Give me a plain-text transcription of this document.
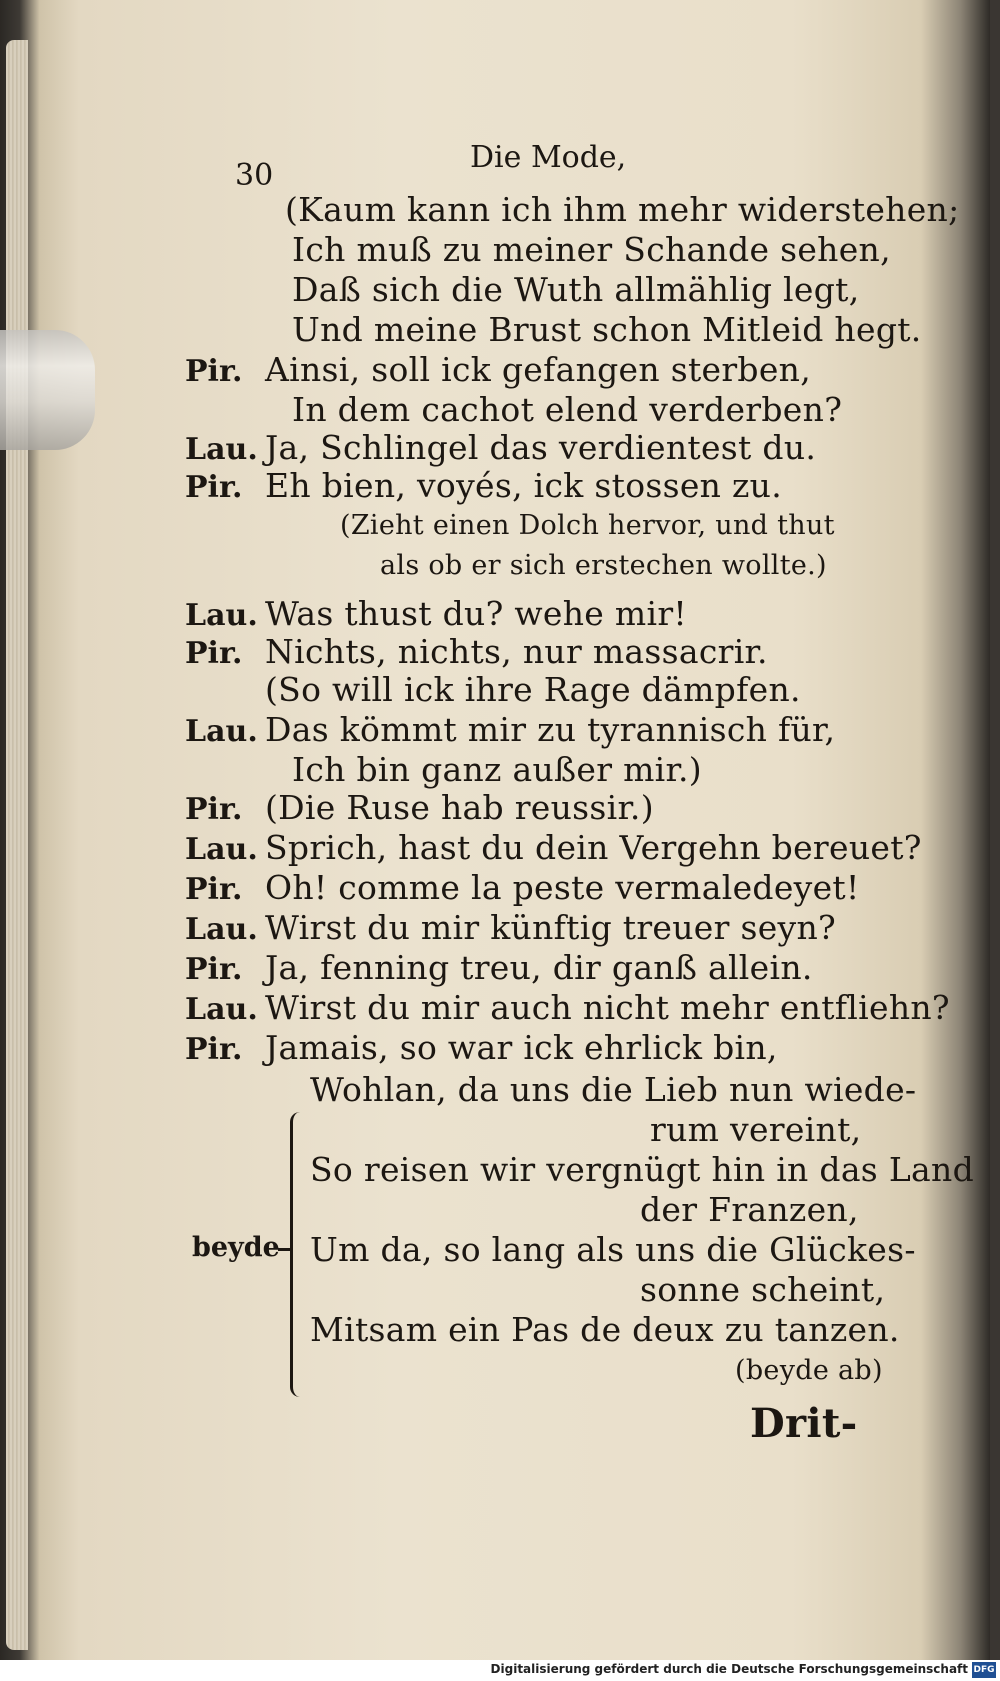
30
Die Mode,
(Kaum kann ich ihm mehr widerstehen;
Ich muß zu meiner Schande sehen,
Daß sich die Wuth allmählig legt,
Und meine Brust schon Mitleid hegt.
Pir. Ainsi, soll ick gefangen sterben,
In dem cachot elend verderben?
Lau. Ja, Schlingel das verdientest du.
Pir. Eh bien, voyés, ick stossen zu.
(Zieht einen Dolch hervor, und thut
als ob er sich erstechen wollte.)
Lau. Was thust du? wehe mir!
Pir. Nichts, nichts, nur massacrir.
(So will ick ihre Rage dämpfen.
Lau. Das kömmt mir zu tyrannisch für,
Ich bin ganz außer mir.)
Pir. (Die Ruse hab reussir.)
Lau. Sprich, hast du dein Vergehn bereuet?
Pir. Oh! comme la peste vermaledeyet!
Lau. Wirst du mir künftig treuer seyn?
Pir. Ja, fenning treu, dir ganß allein.
Lau. Wirst du mir auch nicht mehr entfliehn?
Pir. Jamais, so war ick ehrlick bin,
beyde
Wohlan, da uns die Lieb nun wiede-
rum vereint,
So reisen wir vergnügt hin in das Land
der Franzen,
Um da, so lang als uns die Glückes-
sonne scheint,
Mitsam ein Pas de deux zu tanzen.
(beyde ab)
Drit-
Digitalisierung gefördert durch die Deutsche Forschungsgemeinschaft DFG
